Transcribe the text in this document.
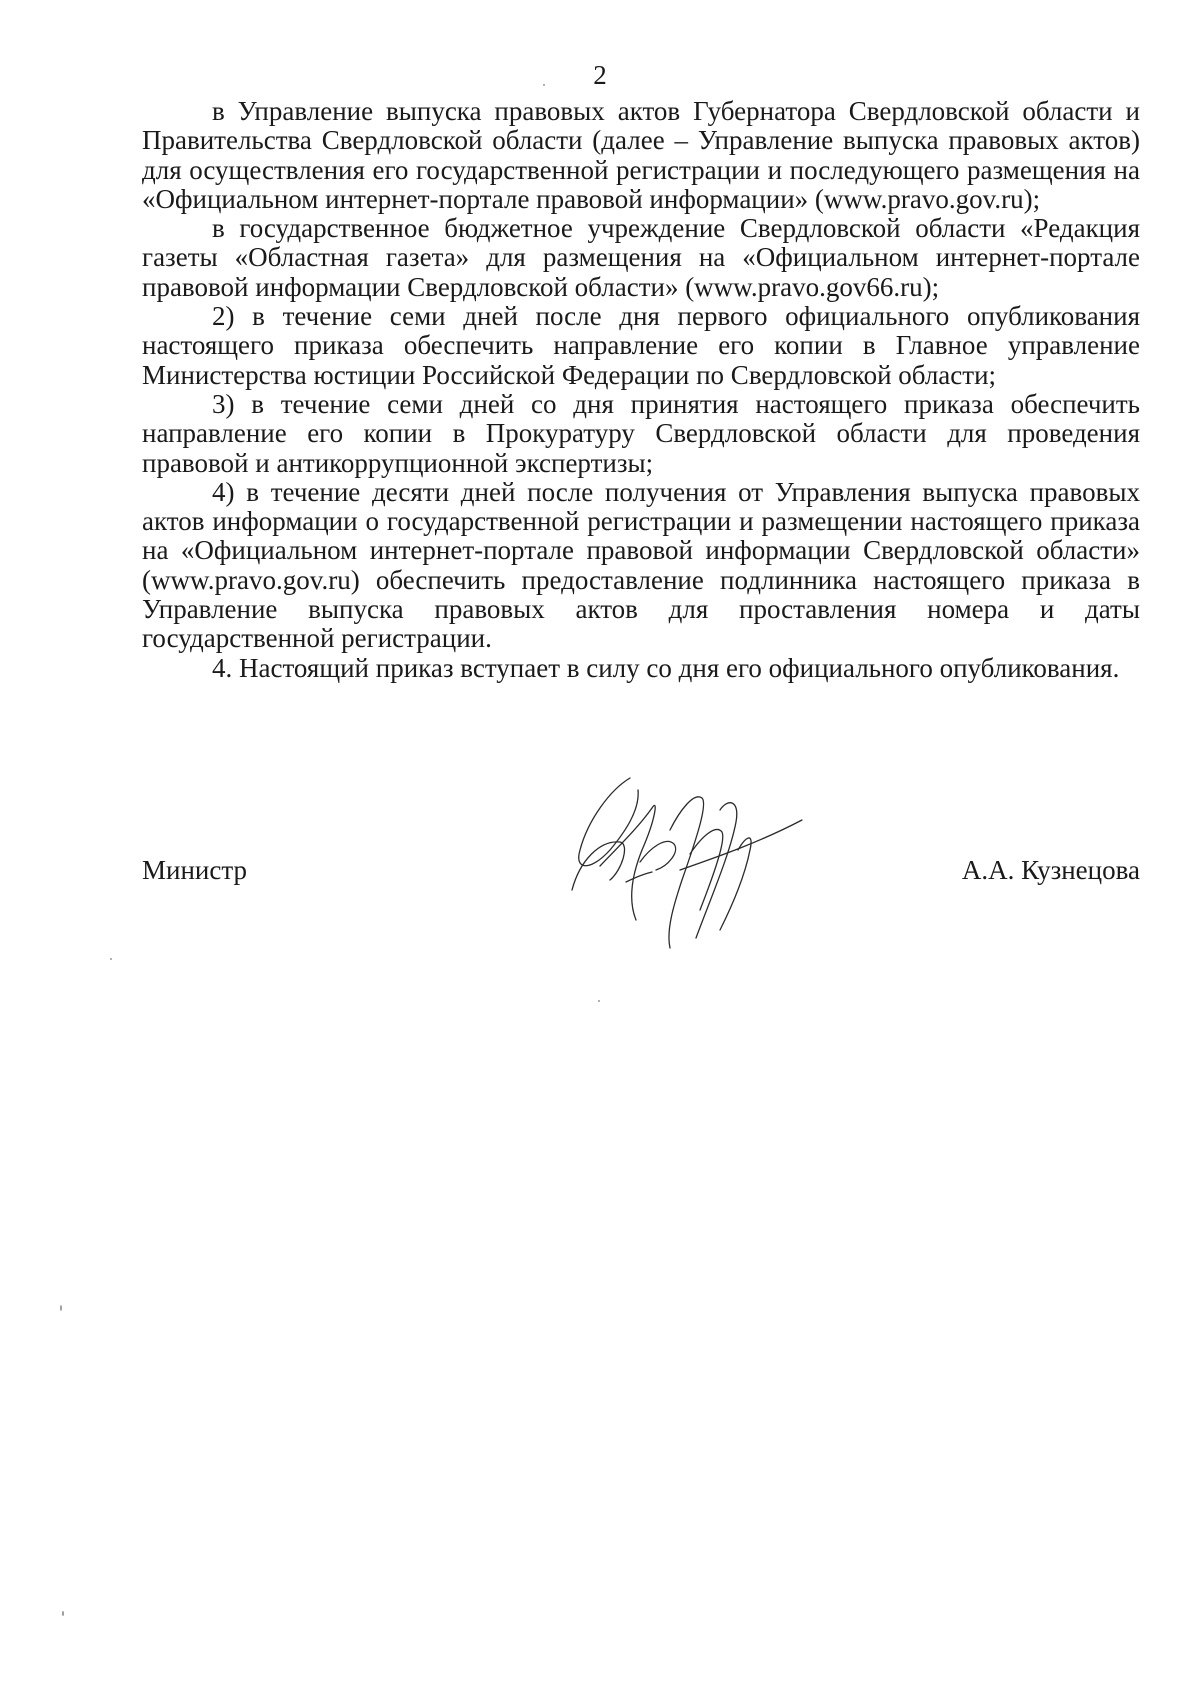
2

в Управление выпуска правовых актов Губернатора Свердловской области и Правительства Свердловской области (далее – Управление выпуска правовых актов) для осуществления его государственной регистрации и последующего размещения на «Официальном интернет-портале правовой информации» (www.pravo.gov.ru);

в государственное бюджетное учреждение Свердловской области «Редакция газеты «Областная газета» для размещения на «Официальном интернет-портале правовой информации Свердловской области» (www.pravo.gov66.ru);

2) в течение семи дней после дня первого официального опубликования настоящего приказа обеспечить направление его копии в Главное управление Министерства юстиции Российской Федерации по Свердловской области;

3) в течение семи дней со дня принятия настоящего приказа обеспечить направление его копии в Прокуратуру Свердловской области для проведения правовой и антикоррупционной экспертизы;

4) в течение десяти дней после получения от Управления выпуска правовых актов информации о государственной регистрации и размещении настоящего приказа на «Официальном интернет-портале правовой информации Свердловской области» (www.pravo.gov.ru) обеспечить предоставление подлинника настоящего приказа в Управление выпуска правовых актов для проставления номера и даты государственной регистрации.

4. Настоящий приказ вступает в силу со дня его официального опубликования.

Министр	А.А. Кузнецова
